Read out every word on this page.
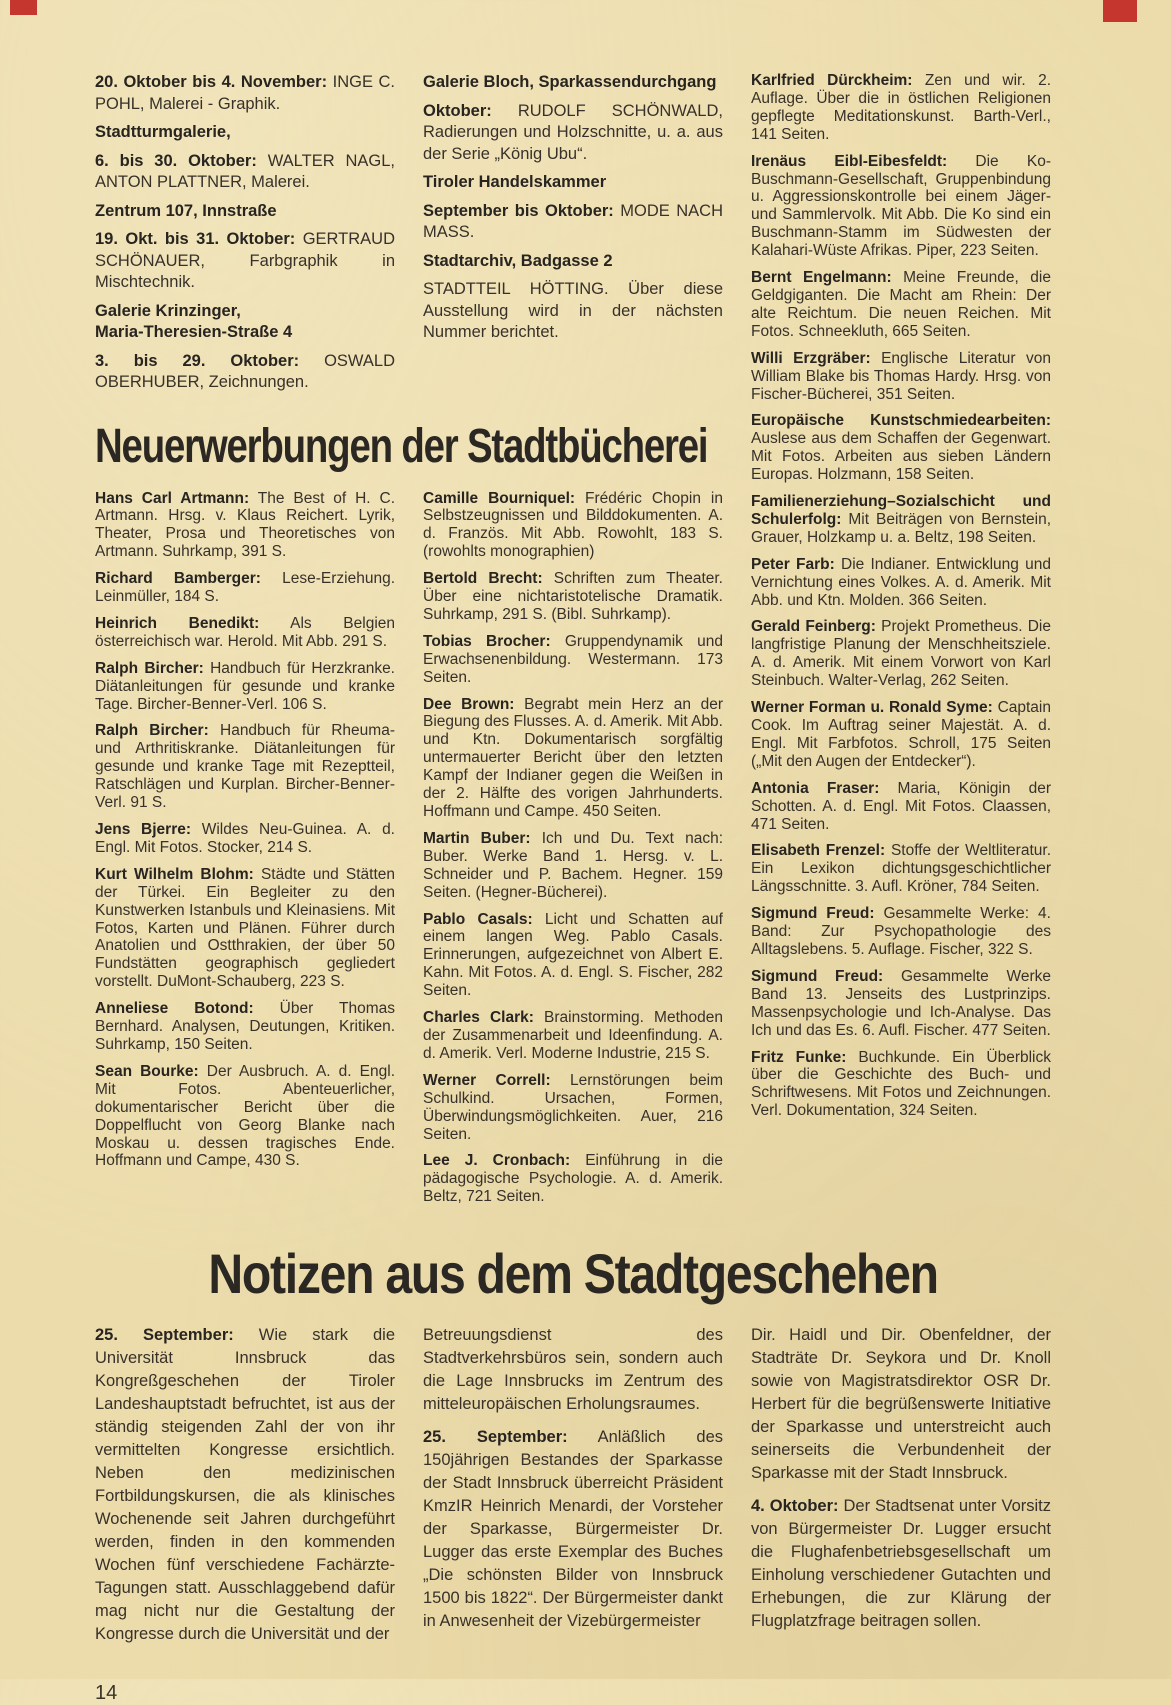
20. Oktober bis 4. November: INGE C. POHL, Malerei - Graphik.

Stadtturmgalerie,

6. bis 30. Oktober: WALTER NAGL, ANTON PLATTNER, Malerei.

Zentrum 107, Innstraße

19. Okt. bis 31. Oktober: GERTRAUD SCHÖNAUER, Farbgraphik in Mischtechnik.

Galerie Krinzinger,
Maria-Theresien-Straße 4

3. bis 29. Oktober: OSWALD OBERHUBER, Zeichnungen.

Galerie Bloch, Sparkassendurchgang

Oktober: RUDOLF SCHÖNWALD, Radierungen und Holzschnitte, u. a. aus der Serie „König Ubu“.

Tiroler Handelskammer

September bis Oktober: MODE NACH MASS.

Stadtarchiv, Badgasse 2

STADTTEIL HÖTTING. Über diese Ausstellung wird in der nächsten Nummer berichtet.

Neuerwerbungen der Stadtbücherei

Hans Carl Artmann: The Best of H. C. Artmann. Hrsg. v. Klaus Reichert. Lyrik, Theater, Prosa und Theoretisches von Artmann. Suhrkamp, 391 S.

Richard Bamberger: Lese-Erziehung. Leinmüller, 184 S.

Heinrich Benedikt: Als Belgien österreichisch war. Herold. Mit Abb. 291 S.

Ralph Bircher: Handbuch für Herzkranke. Diätanleitungen für gesunde und kranke Tage. Bircher-Benner-Verl. 106 S.

Ralph Bircher: Handbuch für Rheuma- und Arthritiskranke. Diätanleitungen für gesunde und kranke Tage mit Rezeptteil, Ratschlägen und Kurplan. Bircher-Benner-Verl. 91 S.

Jens Bjerre: Wildes Neu-Guinea. A. d. Engl. Mit Fotos. Stocker, 214 S.

Kurt Wilhelm Blohm: Städte und Stätten der Türkei. Ein Begleiter zu den Kunstwerken Istanbuls und Kleinasiens. Mit Fotos, Karten und Plänen. Führer durch Anatolien und Ostthrakien, der über 50 Fundstätten geographisch gegliedert vorstellt. DuMont-Schauberg, 223 S.

Anneliese Botond: Über Thomas Bernhard. Analysen, Deutungen, Kritiken. Suhrkamp, 150 Seiten.

Sean Bourke: Der Ausbruch. A. d. Engl. Mit Fotos. Abenteuerlicher, dokumentarischer Bericht über die Doppelflucht von Georg Blanke nach Moskau u. dessen tragisches Ende. Hoffmann und Campe, 430 S.

Camille Bourniquel: Frédéric Chopin in Selbstzeugnissen und Bilddokumenten. A. d. Französ. Mit Abb. Rowohlt, 183 S. (rowohlts monographien)

Bertold Brecht: Schriften zum Theater. Über eine nichtaristotelische Dramatik. Suhrkamp, 291 S. (Bibl. Suhrkamp).

Tobias Brocher: Gruppendynamik und Erwachsenenbildung. Westermann. 173 Seiten.

Dee Brown: Begrabt mein Herz an der Biegung des Flusses. A. d. Amerik. Mit Abb. und Ktn. Dokumentarisch sorgfältig untermauerter Bericht über den letzten Kampf der Indianer gegen die Weißen in der 2. Hälfte des vorigen Jahrhunderts. Hoffmann und Campe. 450 Seiten.

Martin Buber: Ich und Du. Text nach: Buber. Werke Band 1. Hersg. v. L. Schneider und P. Bachem. Hegner. 159 Seiten. (Hegner-Bücherei).

Pablo Casals: Licht und Schatten auf einem langen Weg. Pablo Casals. Erinnerungen, aufgezeichnet von Albert E. Kahn. Mit Fotos. A. d. Engl. S. Fischer, 282 Seiten.

Charles Clark: Brainstorming. Methoden der Zusammenarbeit und Ideenfindung. A. d. Amerik. Verl. Moderne Industrie, 215 S.

Werner Correll: Lernstörungen beim Schulkind. Ursachen, Formen, Überwindungsmöglichkeiten. Auer, 216 Seiten.

Lee J. Cronbach: Einführung in die pädagogische Psychologie. A. d. Amerik. Beltz, 721 Seiten.

Karlfried Dürckheim: Zen und wir. 2. Auflage. Über die in östlichen Religionen gepflegte Meditationskunst. Barth-Verl., 141 Seiten.

Irenäus Eibl-Eibesfeldt: Die Ko-Buschmann-Gesellschaft, Gruppenbindung u. Aggressionskontrolle bei einem Jäger- und Sammlervolk. Mit Abb. Die Ko sind ein Buschmann-Stamm im Südwesten der Kalahari-Wüste Afrikas. Piper, 223 Seiten.

Bernt Engelmann: Meine Freunde, die Geldgiganten. Die Macht am Rhein: Der alte Reichtum. Die neuen Reichen. Mit Fotos. Schneekluth, 665 Seiten.

Willi Erzgräber: Englische Literatur von William Blake bis Thomas Hardy. Hrsg. von Fischer-Bücherei, 351 Seiten.

Europäische Kunstschmiedearbeiten: Auslese aus dem Schaffen der Gegenwart. Mit Fotos. Arbeiten aus sieben Ländern Europas. Holzmann, 158 Seiten.

Familienerziehung–Sozialschicht und Schulerfolg: Mit Beiträgen von Bernstein, Grauer, Holzkamp u. a. Beltz, 198 Seiten.

Peter Farb: Die Indianer. Entwicklung und Vernichtung eines Volkes. A. d. Amerik. Mit Abb. und Ktn. Molden. 366 Seiten.

Gerald Feinberg: Projekt Prometheus. Die langfristige Planung der Menschheitsziele. A. d. Amerik. Mit einem Vorwort von Karl Steinbuch. Walter-Verlag, 262 Seiten.

Werner Forman u. Ronald Syme: Captain Cook. Im Auftrag seiner Majestät. A. d. Engl. Mit Farbfotos. Schroll, 175 Seiten („Mit den Augen der Entdecker“).

Antonia Fraser: Maria, Königin der Schotten. A. d. Engl. Mit Fotos. Claassen, 471 Seiten.

Elisabeth Frenzel: Stoffe der Weltliteratur. Ein Lexikon dichtungsgeschichtlicher Längsschnitte. 3. Aufl. Kröner, 784 Seiten.

Sigmund Freud: Gesammelte Werke: 4. Band: Zur Psychopathologie des Alltagslebens. 5. Auflage. Fischer, 322 S.

Sigmund Freud: Gesammelte Werke Band 13. Jenseits des Lustprinzips. Massenpsychologie und Ich-Analyse. Das Ich und das Es. 6. Aufl. Fischer. 477 Seiten.

Fritz Funke: Buchkunde. Ein Überblick über die Geschichte des Buch- und Schriftwesens. Mit Fotos und Zeichnungen. Verl. Dokumentation, 324 Seiten.

Notizen aus dem Stadtgeschehen

25. September: Wie stark die Universität Innsbruck das Kongreßgeschehen der Tiroler Landeshauptstadt befruchtet, ist aus der ständig steigenden Zahl der von ihr vermittelten Kongresse ersichtlich. Neben den medizinischen Fortbildungskursen, die als klinisches Wochenende seit Jahren durchgeführt werden, finden in den kommenden Wochen fünf verschiedene Fachärzte-Tagungen statt. Ausschlaggebend dafür mag nicht nur die Gestaltung der Kongresse durch die Universität und der

Betreuungsdienst des Stadtverkehrsbüros sein, sondern auch die Lage Innsbrucks im Zentrum des mitteleuropäischen Erholungsraumes.

25. September: Anläßlich des 150jährigen Bestandes der Sparkasse der Stadt Innsbruck überreicht Präsident KmzIR Heinrich Menardi, der Vorsteher der Sparkasse, Bürgermeister Dr. Lugger das erste Exemplar des Buches „Die schönsten Bilder von Innsbruck 1500 bis 1822“. Der Bürgermeister dankt in Anwesenheit der Vizebürgermeister

Dir. Haidl und Dir. Obenfeldner, der Stadträte Dr. Seykora und Dr. Knoll sowie von Magistratsdirektor OSR Dr. Herbert für die begrüßenswerte Initiative der Sparkasse und unterstreicht auch seinerseits die Verbundenheit der Sparkasse mit der Stadt Innsbruck.

4. Oktober: Der Stadtsenat unter Vorsitz von Bürgermeister Dr. Lugger ersucht die Flughafenbetriebsgesellschaft um Einholung verschiedener Gutachten und Erhebungen, die zur Klärung der Flugplatzfrage beitragen sollen.

14
